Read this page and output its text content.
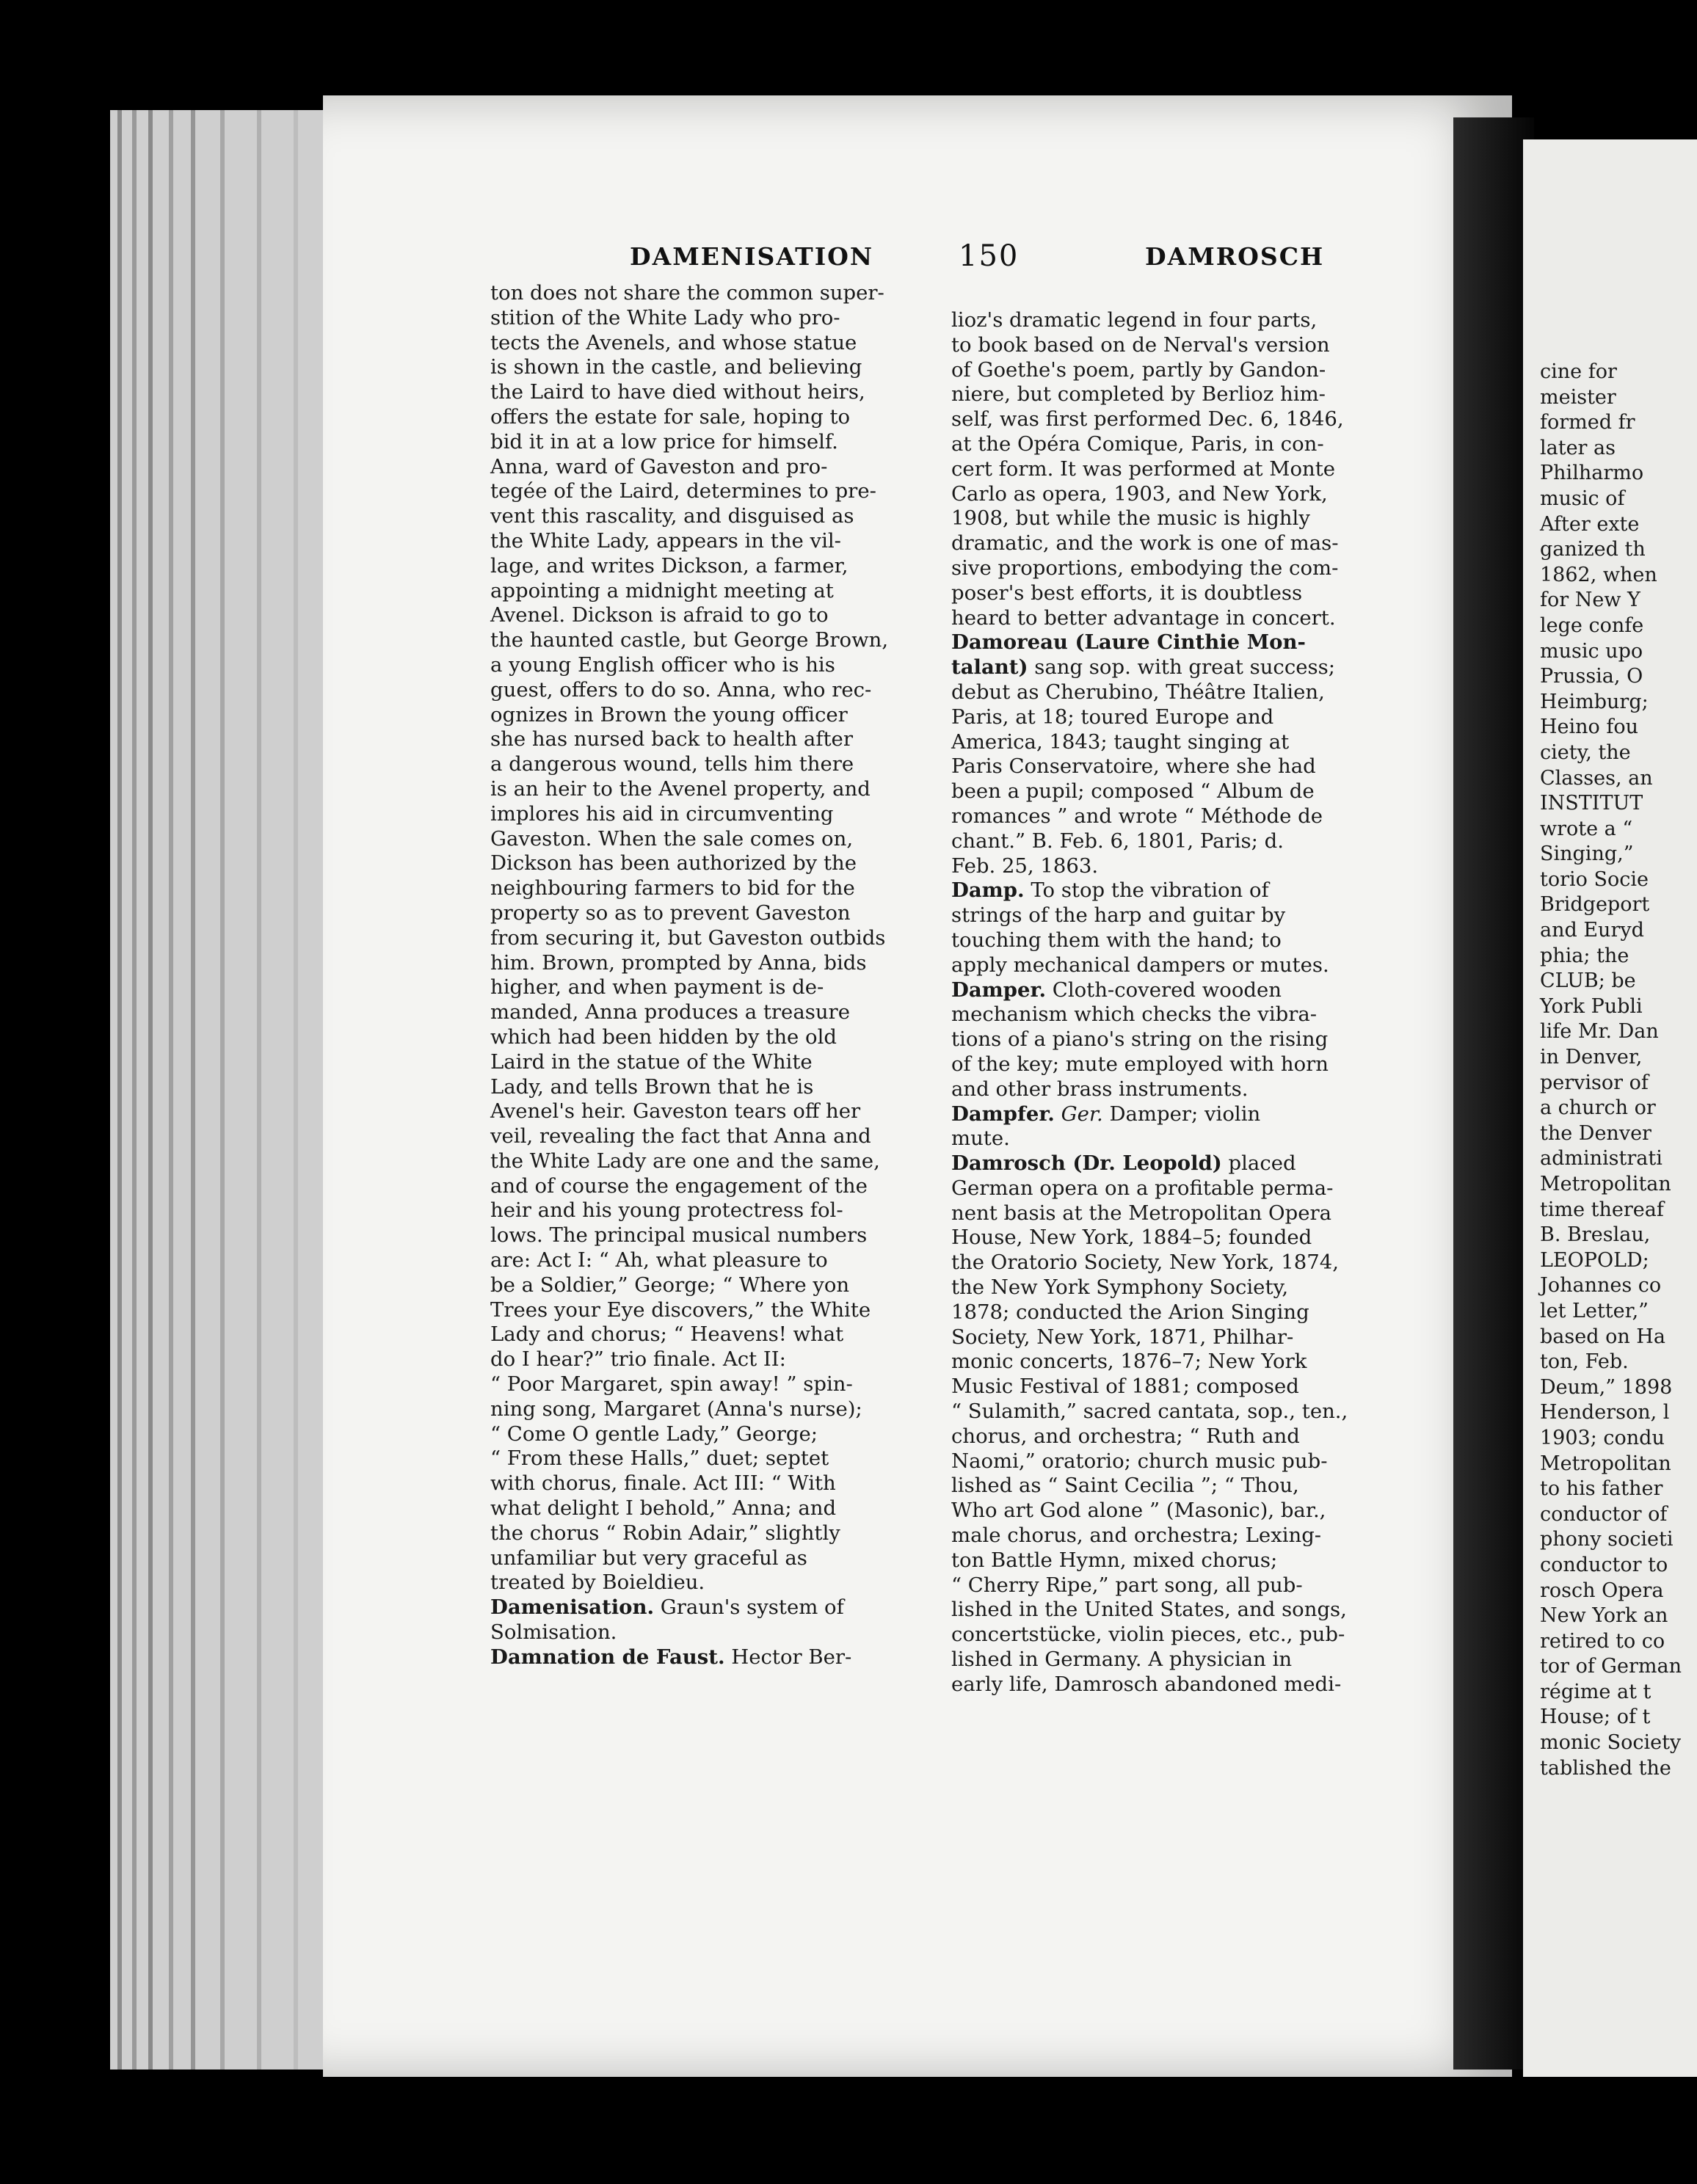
DAMENISATION	150	DAMROSCH
ton does not share the common super-
stition of the White Lady who pro-
tects the Avenels, and whose statue
is shown in the castle, and believing
the Laird to have died without heirs,
offers the estate for sale, hoping to
bid it in at a low price for himself.
Anna, ward of Gaveston and pro-
tegée of the Laird, determines to pre-
vent this rascality, and disguised as
the White Lady, appears in the vil-
lage, and writes Dickson, a farmer,
appointing a midnight meeting at
Avenel. Dickson is afraid to go to
the haunted castle, but George Brown,
a young English officer who is his
guest, offers to do so. Anna, who rec-
ognizes in Brown the young officer
she has nursed back to health after
a dangerous wound, tells him there
is an heir to the Avenel property, and
implores his aid in circumventing
Gaveston. When the sale comes on,
Dickson has been authorized by the
neighbouring farmers to bid for the
property so as to prevent Gaveston
from securing it, but Gaveston outbids
him. Brown, prompted by Anna, bids
higher, and when payment is de-
manded, Anna produces a treasure
which had been hidden by the old
Laird in the statue of the White
Lady, and tells Brown that he is
Avenel's heir. Gaveston tears off her
veil, revealing the fact that Anna and
the White Lady are one and the same,
and of course the engagement of the
heir and his young protectress fol-
lows. The principal musical numbers
are: Act I: “ Ah, what pleasure to
be a Soldier,” George; “ Where yon
Trees your Eye discovers,” the White
Lady and chorus; “ Heavens! what
do I hear?” trio finale. Act II:
“ Poor Margaret, spin away! ” spin-
ning song, Margaret (Anna's nurse);
“ Come O gentle Lady,” George;
“ From these Halls,” duet; septet
with chorus, finale. Act III: “ With
what delight I behold,” Anna; and
the chorus “ Robin Adair,” slightly
unfamiliar but very graceful as
treated by Boieldieu.
Damenisation. Graun's system of
Solmisation.
Damnation de Faust. Hector Ber-
lioz's dramatic legend in four parts,
to book based on de Nerval's version
of Goethe's poem, partly by Gandon-
niere, but completed by Berlioz him-
self, was first performed Dec. 6, 1846,
at the Opéra Comique, Paris, in con-
cert form. It was performed at Monte
Carlo as opera, 1903, and New York,
1908, but while the music is highly
dramatic, and the work is one of mas-
sive proportions, embodying the com-
poser's best efforts, it is doubtless
heard to better advantage in concert.
Damoreau (Laure Cinthie Mon-
talant) sang sop. with great success;
debut as Cherubino, Théâtre Italien,
Paris, at 18; toured Europe and
America, 1843; taught singing at
Paris Conservatoire, where she had
been a pupil; composed “ Album de
romances ” and wrote “ Méthode de
chant.” B. Feb. 6, 1801, Paris; d.
Feb. 25, 1863.
Damp. To stop the vibration of
strings of the harp and guitar by
touching them with the hand; to
apply mechanical dampers or mutes.
Damper. Cloth-covered wooden
mechanism which checks the vibra-
tions of a piano's string on the rising
of the key; mute employed with horn
and other brass instruments.
Dampfer. Ger. Damper; violin
mute.
Damrosch (Dr. Leopold) placed
German opera on a profitable perma-
nent basis at the Metropolitan Opera
House, New York, 1884–5; founded
the Oratorio Society, New York, 1874,
the New York Symphony Society,
1878; conducted the Arion Singing
Society, New York, 1871, Philhar-
monic concerts, 1876–7; New York
Music Festival of 1881; composed
“ Sulamith,” sacred cantata, sop., ten.,
chorus, and orchestra; “ Ruth and
Naomi,” oratorio; church music pub-
lished as “ Saint Cecilia ”; “ Thou,
Who art God alone ” (Masonic), bar.,
male chorus, and orchestra; Lexing-
ton Battle Hymn, mixed chorus;
“ Cherry Ripe,” part song, all pub-
lished in the United States, and songs,
concertstücke, violin pieces, etc., pub-
lished in Germany. A physician in
early life, Damrosch abandoned medi-
cine for
meister
formed fr
later as
Philharmo
music of
After exte
ganized th
1862, when
for New Y
lege confe
music upo
Prussia, O
Heimburg;
Heino fou
ciety, the
Classes, an
INSTITUT
wrote a “
Singing,”
torio Socie
Bridgeport
and Euryd
phia; the
CLUB; be
York Publi
life Mr. Dan
in Denver,
pervisor of
a church or
the Denver
administrati
Metropolitan
time thereaf
B. Breslau,
LEOPOLD;
Johannes co
let Letter,”
based on Ha
ton, Feb.
Deum,” 1898
Henderson, l
1903; condu
Metropolitan
to his father
conductor of
phony societi
conductor to
rosch Opera
New York an
retired to co
tor of German
régime at t
House; of t
monic Society
tablished the
